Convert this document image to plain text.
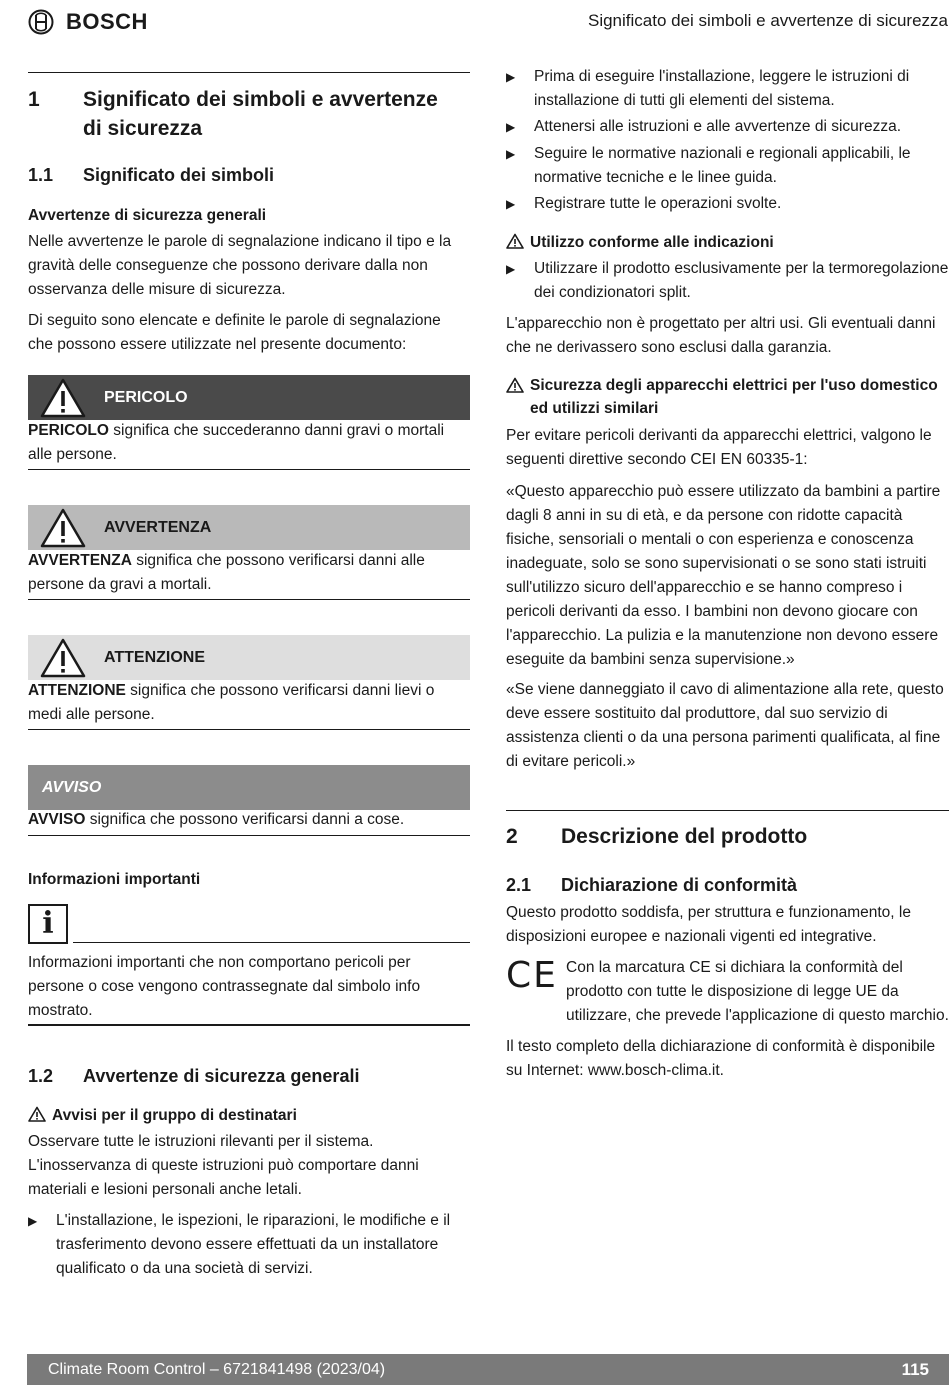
BOSCH	Significato dei simboli e avvertenze di sicurezza
1	Significato dei simboli e avvertenze di sicurezza
1.1	Significato dei simboli
Avvertenze di sicurezza generali

Nelle avvertenze le parole di segnalazione indicano il tipo e la gravità delle conseguenze che possono derivare dalla non osservanza delle misure di sicurezza.

Di seguito sono elencate e definite le parole di segnalazione che possono essere utilizzate nel presente documento:

PERICOLO

PERICOLO significa che succederanno danni gravi o mortali alle persone.

AVVERTENZA

AVVERTENZA significa che possono verificarsi danni alle persone da gravi a mortali.

ATTENZIONE

ATTENZIONE significa che possono verificarsi danni lievi o medi alle persone.

AVVISO

AVVISO significa che possono verificarsi danni a cose.

Informazioni importanti
i

Informazioni importanti che non comportano pericoli per persone o cose vengono contrassegnate dal simbolo info mostrato.

1.2	Avvertenze di sicurezza generali
Avvisi per il gruppo di destinatari

Osservare tutte le istruzioni rilevanti per il sistema. L'inosservanza di queste istruzioni può comportare danni materiali e lesioni personali anche letali.

▶	L'installazione, le ispezioni, le riparazioni, le modifiche e il trasferimento devono essere effettuati da un installatore qualificato o da una società di servizi.
▶	Prima di eseguire l'installazione, leggere le istruzioni di installazione di tutti gli elementi del sistema.
▶	Attenersi alle istruzioni e alle avvertenze di sicurezza.
▶	Seguire le normative nazionali e regionali applicabili, le normative tecniche e le linee guida.
▶	Registrare tutte le operazioni svolte.
Utilizzo conforme alle indicazioni
▶	Utilizzare il prodotto esclusivamente per la termoregolazione dei condizionatori split.

L'apparecchio non è progettato per altri usi. Gli eventuali danni che ne derivassero sono esclusi dalla garanzia.

Sicurezza degli apparecchi elettrici per l'uso domestico ed utilizzi similari

Per evitare pericoli derivanti da apparecchi elettrici, valgono le seguenti direttive secondo CEI EN 60335-1:

«Questo apparecchio può essere utilizzato da bambini a partire dagli 8 anni in su di età, e da persone con ridotte capacità fisiche, sensoriali o mentali o con esperienza e conoscenza inadeguate, solo se sono supervisionati o se sono stati istruiti sull'utilizzo sicuro dell'apparecchio e se hanno compreso i pericoli derivanti da esso. I bambini non devono giocare con l'apparecchio. La pulizia e la manutenzione non devono essere eseguite da bambini senza supervisione.»

«Se viene danneggiato il cavo di alimentazione alla rete, questo deve essere sostituito dal produttore, dal suo servizio di assistenza clienti o da una persona parimenti qualificata, al fine di evitare pericoli.»

2	Descrizione del prodotto
2.1	Dichiarazione di conformità

Questo prodotto soddisfa, per struttura e funzionamento, le disposizioni europee e nazionali vigenti ed integrative.

CE Con la marcatura CE si dichiara la conformità del prodotto con tutte le disposizione di legge UE da utilizzare, che prevede l'applicazione di questo marchio.

Il testo completo della dichiarazione di conformità è disponibile su Internet: www.bosch-clima.it.

Climate Room Control – 6721841498 (2023/04)	115
